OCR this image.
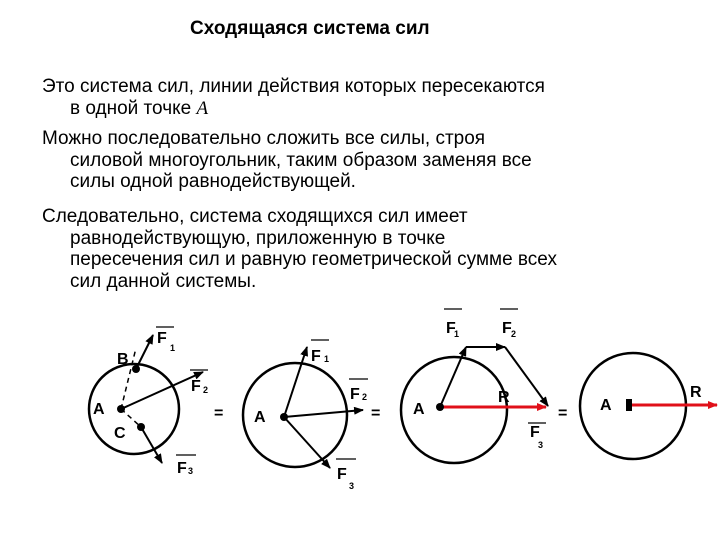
Сходящаяся система сил
Это система сил, линии действия которых пересекаются
в одной точке A
Можно последовательно сложить все силы, строя
силовой многоугольник, таким образом заменяя все
силы одной равнодействующей.
Следовательно, система сходящихся сил имеет
равнодействующую, приложенную в точке
пересечения сил и равную геометрической сумме всех
сил данной системы.
A
B
C
F
1
F 2
F 3
= A
F 1
F 2
F
3
= A
F
1	F 2
R
F
3
= A
R
